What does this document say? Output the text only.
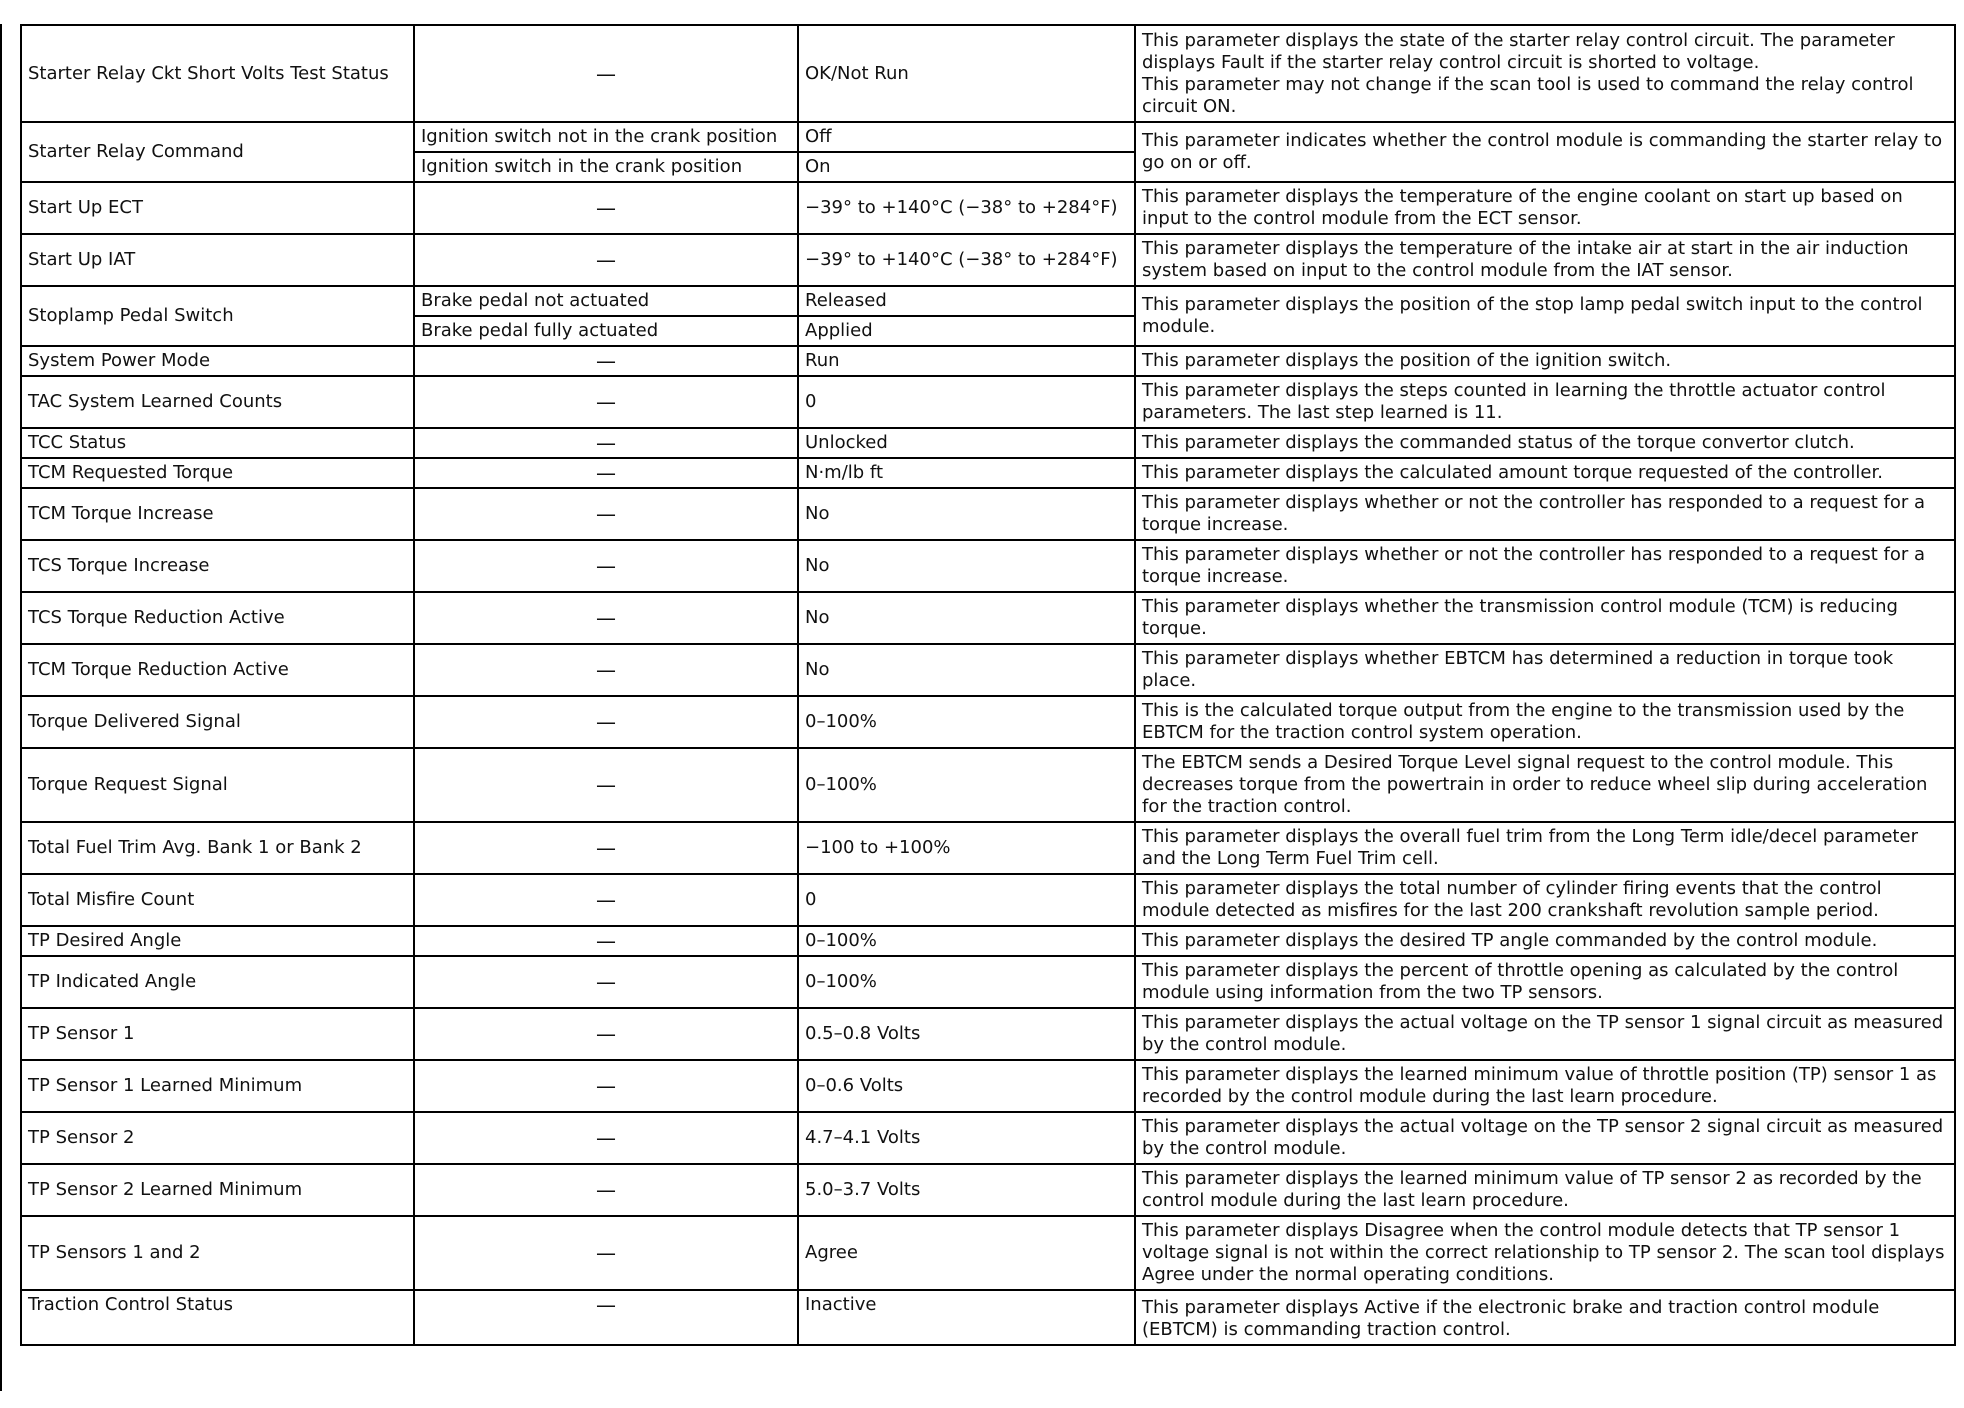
Starter Relay Ckt Short Volts Test Status	—	OK/Not Run	This parameter displays the state of the starter relay control circuit. The parameter displays Fault if the starter relay control circuit is shorted to voltage.
This parameter may not change if the scan tool is used to command the relay control circuit ON.
Starter Relay Command	Ignition switch not in the crank position	Off	This parameter indicates whether the control module is commanding the starter relay to go on or off.
	Ignition switch in the crank position	On	
Start Up ECT	—	−39° to +140°C (−38° to +284°F)	This parameter displays the temperature of the engine coolant on start up based on input to the control module from the ECT sensor.
Start Up IAT	—	−39° to +140°C (−38° to +284°F)	This parameter displays the temperature of the intake air at start in the air induction system based on input to the control module from the IAT sensor.
Stoplamp Pedal Switch	Brake pedal not actuated	Released	This parameter displays the position of the stop lamp pedal switch input to the control module.
	Brake pedal fully actuated	Applied	
System Power Mode	—	Run	This parameter displays the position of the ignition switch.
TAC System Learned Counts	—	0	This parameter displays the steps counted in learning the throttle actuator control parameters. The last step learned is 11.
TCC Status	—	Unlocked	This parameter displays the commanded status of the torque convertor clutch.
TCM Requested Torque	—	N·m/lb ft	This parameter displays the calculated amount torque requested of the controller.
TCM Torque Increase	—	No	This parameter displays whether or not the controller has responded to a request for a torque increase.
TCS Torque Increase	—	No	This parameter displays whether or not the controller has responded to a request for a torque increase.
TCS Torque Reduction Active	—	No	This parameter displays whether the transmission control module (TCM) is reducing torque.
TCM Torque Reduction Active	—	No	This parameter displays whether EBTCM has determined a reduction in torque took place.
Torque Delivered Signal	—	0–100%	This is the calculated torque output from the engine to the transmission used by the EBTCM for the traction control system operation.
Torque Request Signal	—	0–100%	The EBTCM sends a Desired Torque Level signal request to the control module. This decreases torque from the powertrain in order to reduce wheel slip during acceleration for the traction control.
Total Fuel Trim Avg. Bank 1 or Bank 2	—	−100 to +100%	This parameter displays the overall fuel trim from the Long Term idle/decel parameter and the Long Term Fuel Trim cell.
Total Misfire Count	—	0	This parameter displays the total number of cylinder firing events that the control module detected as misfires for the last 200 crankshaft revolution sample period.
TP Desired Angle	—	0–100%	This parameter displays the desired TP angle commanded by the control module.
TP Indicated Angle	—	0–100%	This parameter displays the percent of throttle opening as calculated by the control module using information from the two TP sensors.
TP Sensor 1	—	0.5–0.8 Volts	This parameter displays the actual voltage on the TP sensor 1 signal circuit as measured by the control module.
TP Sensor 1 Learned Minimum	—	0–0.6 Volts	This parameter displays the learned minimum value of throttle position (TP) sensor 1 as recorded by the control module during the last learn procedure.
TP Sensor 2	—	4.7–4.1 Volts	This parameter displays the actual voltage on the TP sensor 2 signal circuit as measured by the control module.
TP Sensor 2 Learned Minimum	—	5.0–3.7 Volts	This parameter displays the learned minimum value of TP sensor 2 as recorded by the control module during the last learn procedure.
TP Sensors 1 and 2	—	Agree	This parameter displays Disagree when the control module detects that TP sensor 1 voltage signal is not within the correct relationship to TP sensor 2. The scan tool displays Agree under the normal operating conditions.
Traction Control Status	—	Inactive	This parameter displays Active if the electronic brake and traction control module (EBTCM) is commanding traction control.
